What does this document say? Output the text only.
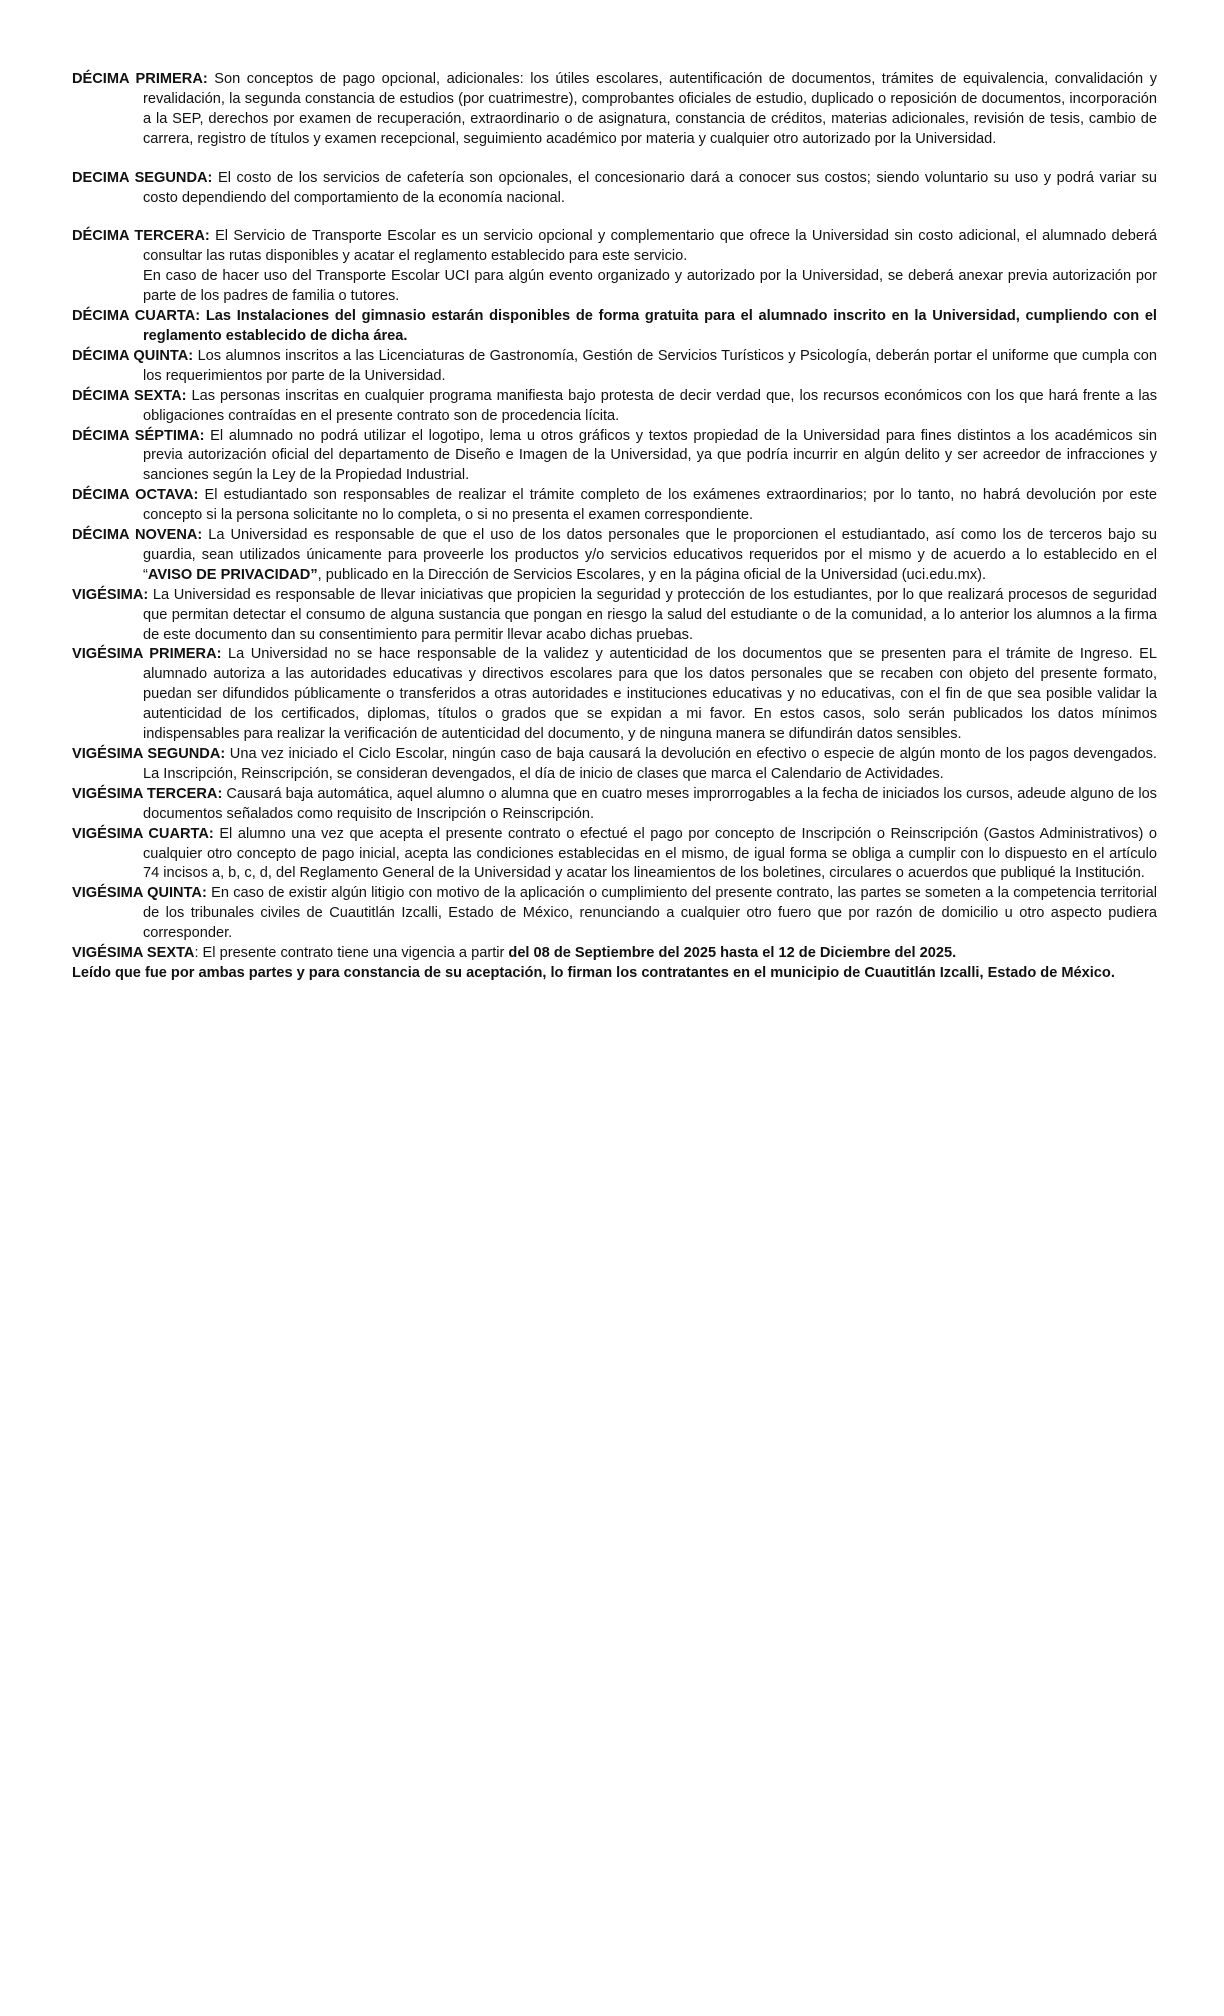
DÉCIMA PRIMERA: Son conceptos de pago opcional, adicionales: los útiles escolares, autentificación de documentos, trámites de equivalencia, convalidación y revalidación, la segunda constancia de estudios (por cuatrimestre), comprobantes oficiales de estudio, duplicado o reposición de documentos, incorporación a la SEP, derechos por examen de recuperación, extraordinario o de asignatura, constancia de créditos, materias adicionales, revisión de tesis, cambio de carrera, registro de títulos y examen recepcional, seguimiento académico por materia y cualquier otro autorizado por la Universidad.
DECIMA SEGUNDA: El costo de los servicios de cafetería son opcionales, el concesionario dará a conocer sus costos; siendo voluntario su uso y podrá variar su costo dependiendo del comportamiento de la economía nacional.
DÉCIMA TERCERA: El Servicio de Transporte Escolar es un servicio opcional y complementario que ofrece la Universidad sin costo adicional, el alumnado deberá consultar las rutas disponibles y acatar el reglamento establecido para este servicio.

En caso de hacer uso del Transporte Escolar UCI para algún evento organizado y autorizado por la Universidad, se deberá anexar previa autorización por parte de los padres de familia o tutores.

DÉCIMA CUARTA: Las Instalaciones del gimnasio estarán disponibles de forma gratuita para el alumnado inscrito en la Universidad, cumpliendo con el reglamento establecido de dicha área.
DÉCIMA QUINTA: Los alumnos inscritos a las Licenciaturas de Gastronomía, Gestión de Servicios Turísticos y Psicología, deberán portar el uniforme que cumpla con los requerimientos por parte de la Universidad.
DÉCIMA SEXTA: Las personas inscritas en cualquier programa manifiesta bajo protesta de decir verdad que, los recursos económicos con los que hará frente a las obligaciones contraídas en el presente contrato son de procedencia lícita.
DÉCIMA SÉPTIMA: El alumnado no podrá utilizar el logotipo, lema u otros gráficos y textos propiedad de la Universidad para fines distintos a los académicos sin previa autorización oficial del departamento de Diseño e Imagen de la Universidad, ya que podría incurrir en algún delito y ser acreedor de infracciones y sanciones según la Ley de la Propiedad Industrial.
DÉCIMA OCTAVA: El estudiantado son responsables de realizar el trámite completo de los exámenes extraordinarios; por lo tanto, no habrá devolución por este concepto si la persona solicitante no lo completa, o si no presenta el examen correspondiente.
DÉCIMA NOVENA: La Universidad es responsable de que el uso de los datos personales que le proporcionen el estudiantado, así como los de terceros bajo su guardia, sean utilizados únicamente para proveerle los productos y/o servicios educativos requeridos por el mismo y de acuerdo a lo establecido en el “AVISO DE PRIVACIDAD”, publicado en la Dirección de Servicios Escolares, y en la página oficial de la Universidad (uci.edu.mx).
VIGÉSIMA: La Universidad es responsable de llevar iniciativas que propicien la seguridad y protección de los estudiantes, por lo que realizará procesos de seguridad que permitan detectar el consumo de alguna sustancia que pongan en riesgo la salud del estudiante o de la comunidad, a lo anterior los alumnos a la firma de este documento dan su consentimiento para permitir llevar acabo dichas pruebas.
VIGÉSIMA PRIMERA: La Universidad no se hace responsable de la validez y autenticidad de los documentos que se presenten para el trámite de Ingreso. EL alumnado autoriza a las autoridades educativas y directivos escolares para que los datos personales que se recaben con objeto del presente formato, puedan ser difundidos públicamente o transferidos a otras autoridades e instituciones educativas y no educativas, con el fin de que sea posible validar la autenticidad de los certificados, diplomas, títulos o grados que se expidan a mi favor. En estos casos, solo serán publicados los datos mínimos indispensables para realizar la verificación de autenticidad del documento, y de ninguna manera se difundirán datos sensibles.
VIGÉSIMA SEGUNDA: Una vez iniciado el Ciclo Escolar, ningún caso de baja causará la devolución en efectivo o especie de algún monto de los pagos devengados. La Inscripción, Reinscripción, se consideran devengados, el día de inicio de clases que marca el Calendario de Actividades.
VIGÉSIMA TERCERA: Causará baja automática, aquel alumno o alumna que en cuatro meses improrrogables a la fecha de iniciados los cursos, adeude alguno de los documentos señalados como requisito de Inscripción o Reinscripción.
VIGÉSIMA CUARTA: El alumno una vez que acepta el presente contrato o efectué el pago por concepto de Inscripción o Reinscripción (Gastos Administrativos) o cualquier otro concepto de pago inicial, acepta las condiciones establecidas en el mismo, de igual forma se obliga a cumplir con lo dispuesto en el artículo 74 incisos a, b, c, d, del Reglamento General de la Universidad y acatar los lineamientos de los boletines, circulares o acuerdos que publiqué la Institución.
VIGÉSIMA QUINTA: En caso de existir algún litigio con motivo de la aplicación o cumplimiento del presente contrato, las partes se someten a la competencia territorial de los tribunales civiles de Cuautitlán Izcalli, Estado de México, renunciando a cualquier otro fuero que por razón de domicilio u otro aspecto pudiera corresponder.
VIGÉSIMA SEXTA: El presente contrato tiene una vigencia a partir del 08 de Septiembre del 2025 hasta el 12 de Diciembre del 2025.

Leído que fue por ambas partes y para constancia de su aceptación, lo firman los contratantes en el municipio de Cuautitlán Izcalli, Estado de México.
